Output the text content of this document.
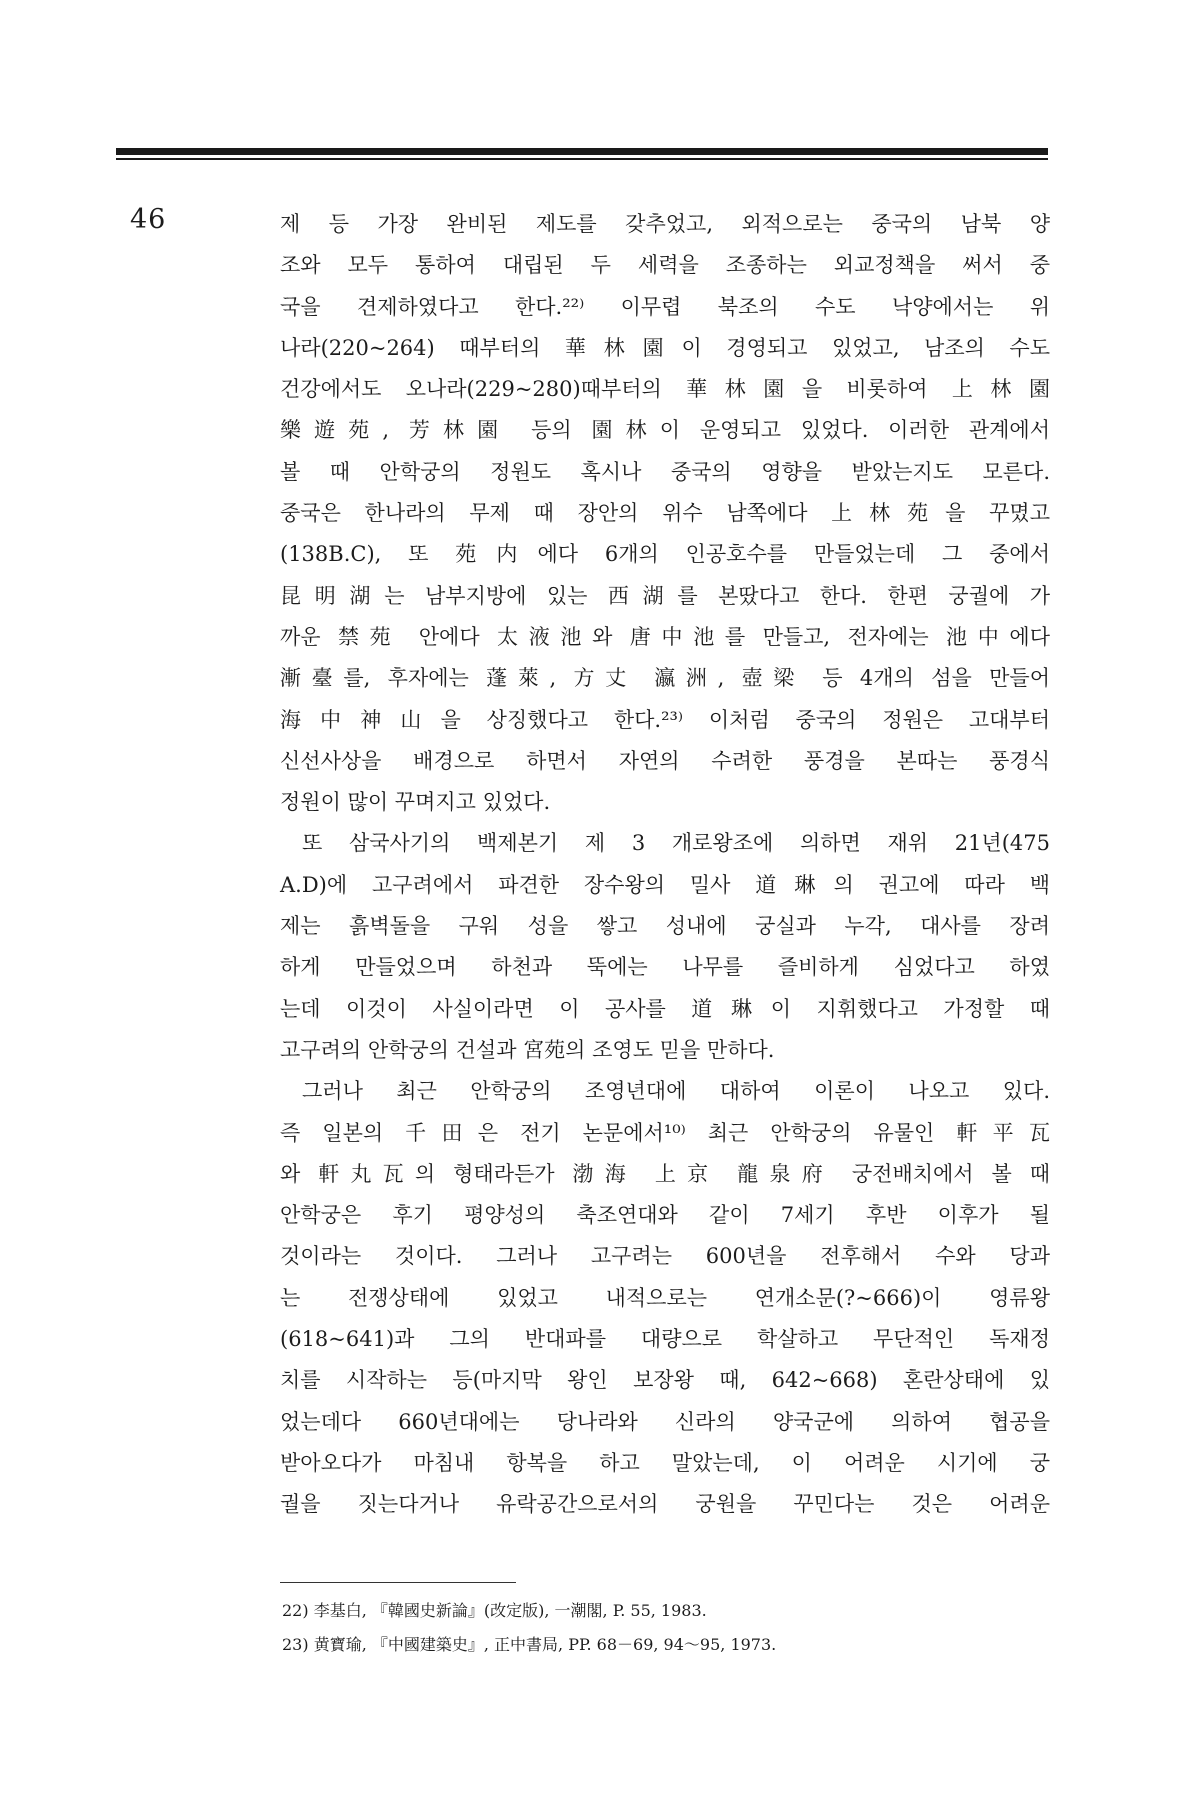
46	제 등 가장 완비된 제도를 갖추었고, 외적으로는 중국의 남북 양
조와 모두 통하여 대립된 두 세력을 조종하는 외교정책을 써서 중
국을 견제하였다고 한다.²²⁾ 이무렵 북조의 수도 낙양에서는 위
나라(220~264) 때부터의 華林園이 경영되고 있었고, 남조의 수도
건강에서도 오나라(229~280)때부터의 華林園을 비롯하여 上林園
樂遊苑, 芳林園 등의 園林이 운영되고 있었다. 이러한 관계에서
볼 때 안학궁의 정원도 혹시나 중국의 영향을 받았는지도 모른다.
중국은 한나라의 무제 때 장안의 위수 남쪽에다 上林苑을 꾸몄고
(138B.C), 또 苑内에다 6개의 인공호수를 만들었는데 그 중에서
昆明湖는 남부지방에 있는 西湖를 본땄다고 한다. 한편 궁궐에 가
까운 禁苑 안에다 太液池와 唐中池를 만들고, 전자에는 池中에다
漸臺를, 후자에는 蓬萊, 方丈 瀛洲, 壺梁 등 4개의 섬을 만들어
海中神山을 상징했다고 한다.²³⁾ 이처럼 중국의 정원은 고대부터
신선사상을 배경으로 하면서 자연의 수려한 풍경을 본따는 풍경식
정원이 많이 꾸며지고 있었다.
또 삼국사기의 백제본기 제 3 개로왕조에 의하면 재위 21년(475
A.D)에 고구려에서 파견한 장수왕의 밀사 道琳의 권고에 따라 백
제는 흙벽돌을 구워 성을 쌓고 성내에 궁실과 누각, 대사를 장려
하게 만들었으며 하천과 뚝에는 나무를 즐비하게 심었다고 하였
는데 이것이 사실이라면 이 공사를 道琳이 지휘했다고 가정할 때
고구려의 안학궁의 건설과 宮苑의 조영도 믿을 만하다.
그러나 최근 안학궁의 조영년대에 대하여 이론이 나오고 있다.
즉 일본의 千田은 전기 논문에서¹⁰⁾ 최근 안학궁의 유물인 軒平瓦
와 軒丸瓦의 형태라든가 渤海 上京 龍泉府 궁전배치에서 볼 때
안학궁은 후기 평양성의 축조연대와 같이 7세기 후반 이후가 될
것이라는 것이다. 그러나 고구려는 600년을 전후해서 수와 당과
는 전쟁상태에 있었고 내적으로는 연개소문(?~666)이 영류왕
(618~641)과 그의 반대파를 대량으로 학살하고 무단적인 독재정
치를 시작하는 등(마지막 왕인 보장왕 때, 642~668) 혼란상태에 있
었는데다 660년대에는 당나라와 신라의 양국군에 의하여 협공을
받아오다가 마침내 항복을 하고 말았는데, 이 어려운 시기에 궁
궐을 짓는다거나 유락공간으로서의 궁원을 꾸민다는 것은 어려운
22) 李基白, 『韓國史新論』(改定版), 一潮閣, P. 55, 1983.
23) 黄寶瑜, 『中國建築史』, 正中書局, PP. 68－69, 94～95, 1973.
